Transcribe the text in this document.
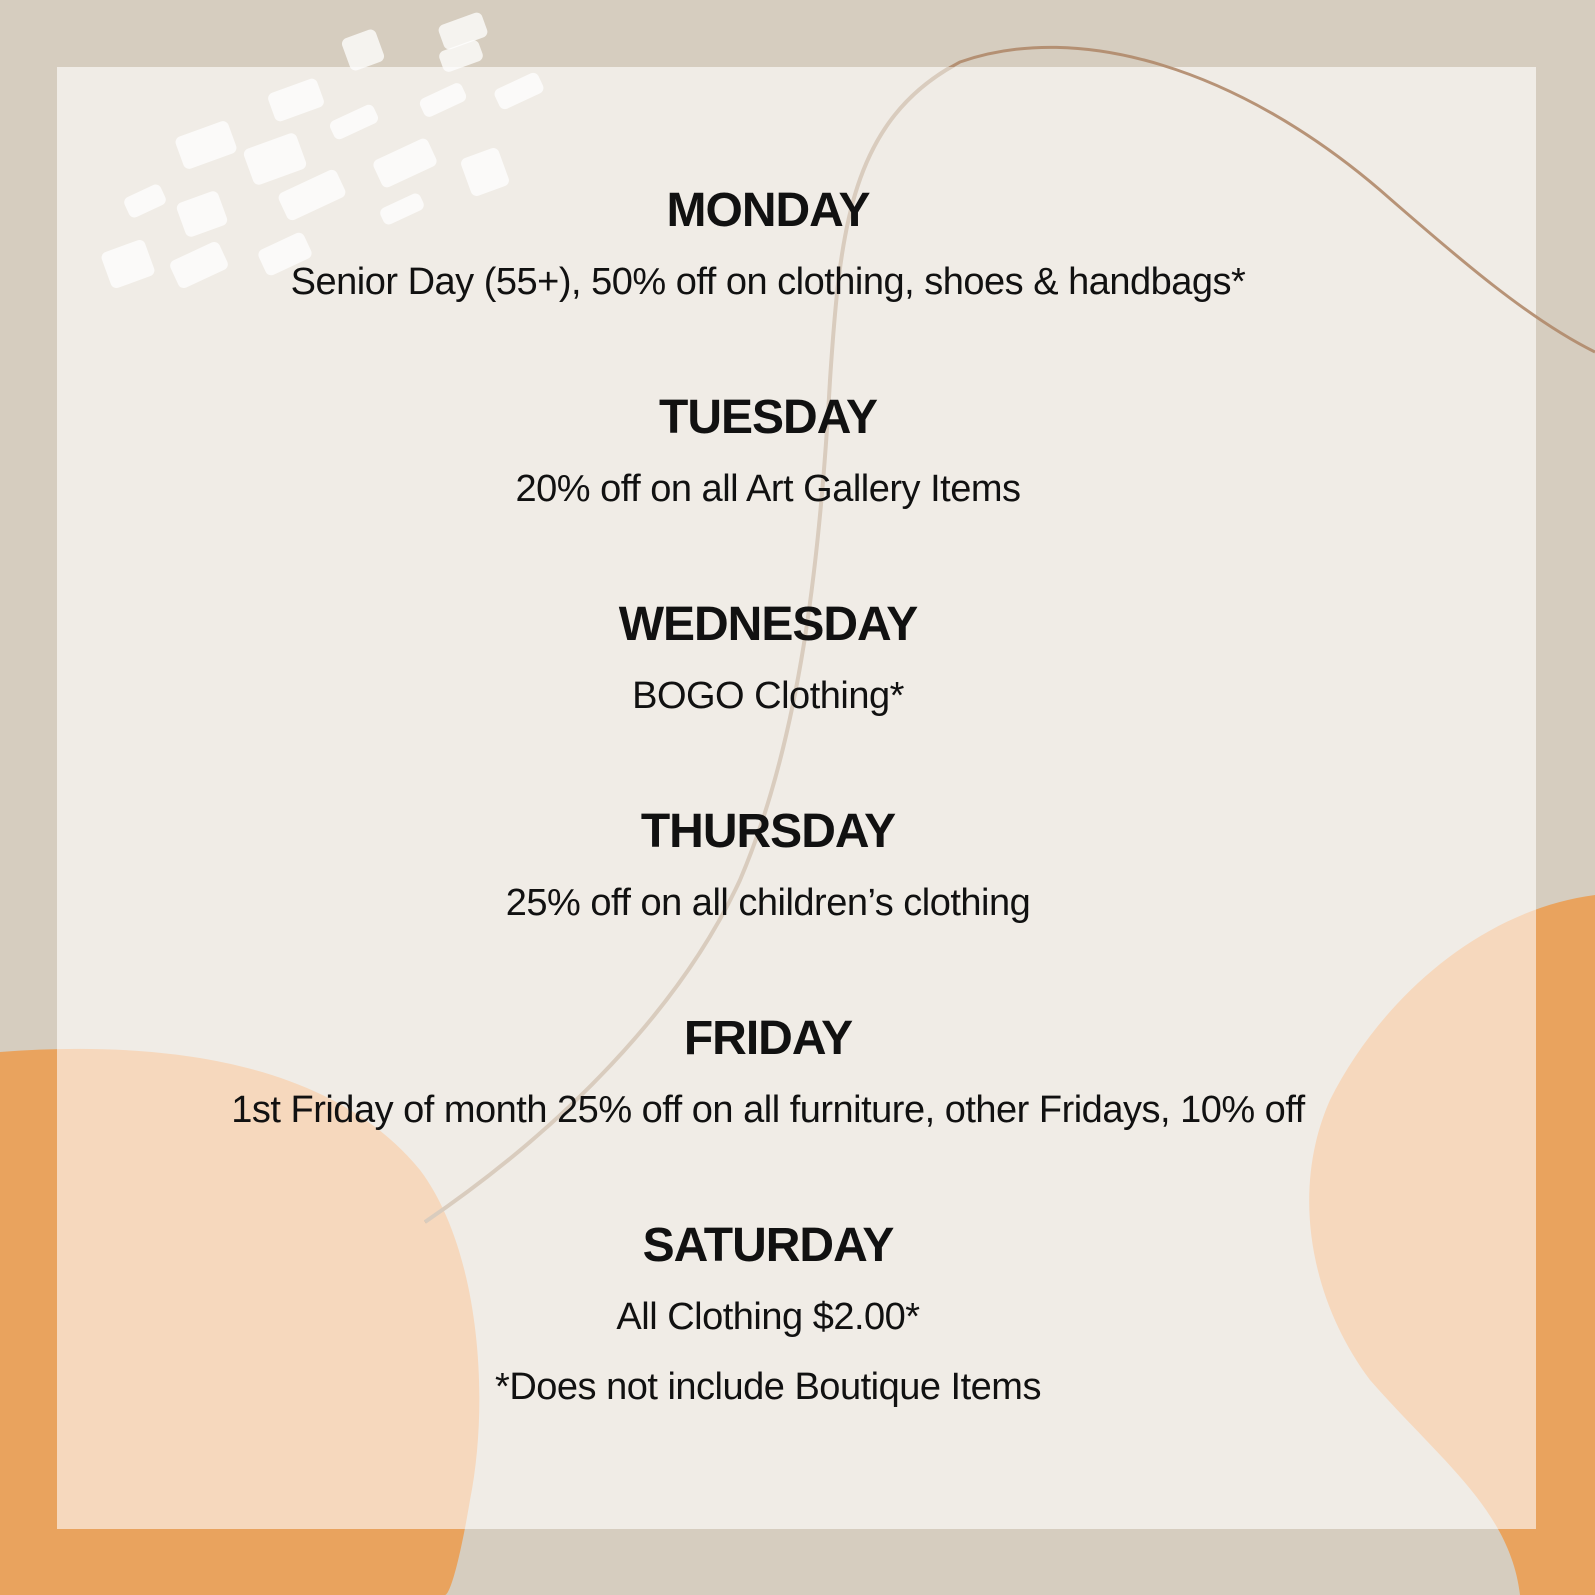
MONDAY
Senior Day (55+), 50% off on clothing, shoes & handbags*
TUESDAY
20% off on all Art Gallery Items
WEDNESDAY
BOGO Clothing*
THURSDAY
25% off on all children’s clothing
FRIDAY
1st Friday of month 25% off on all furniture, other Fridays, 10% off
SATURDAY
All Clothing $2.00*
*Does not include Boutique Items
